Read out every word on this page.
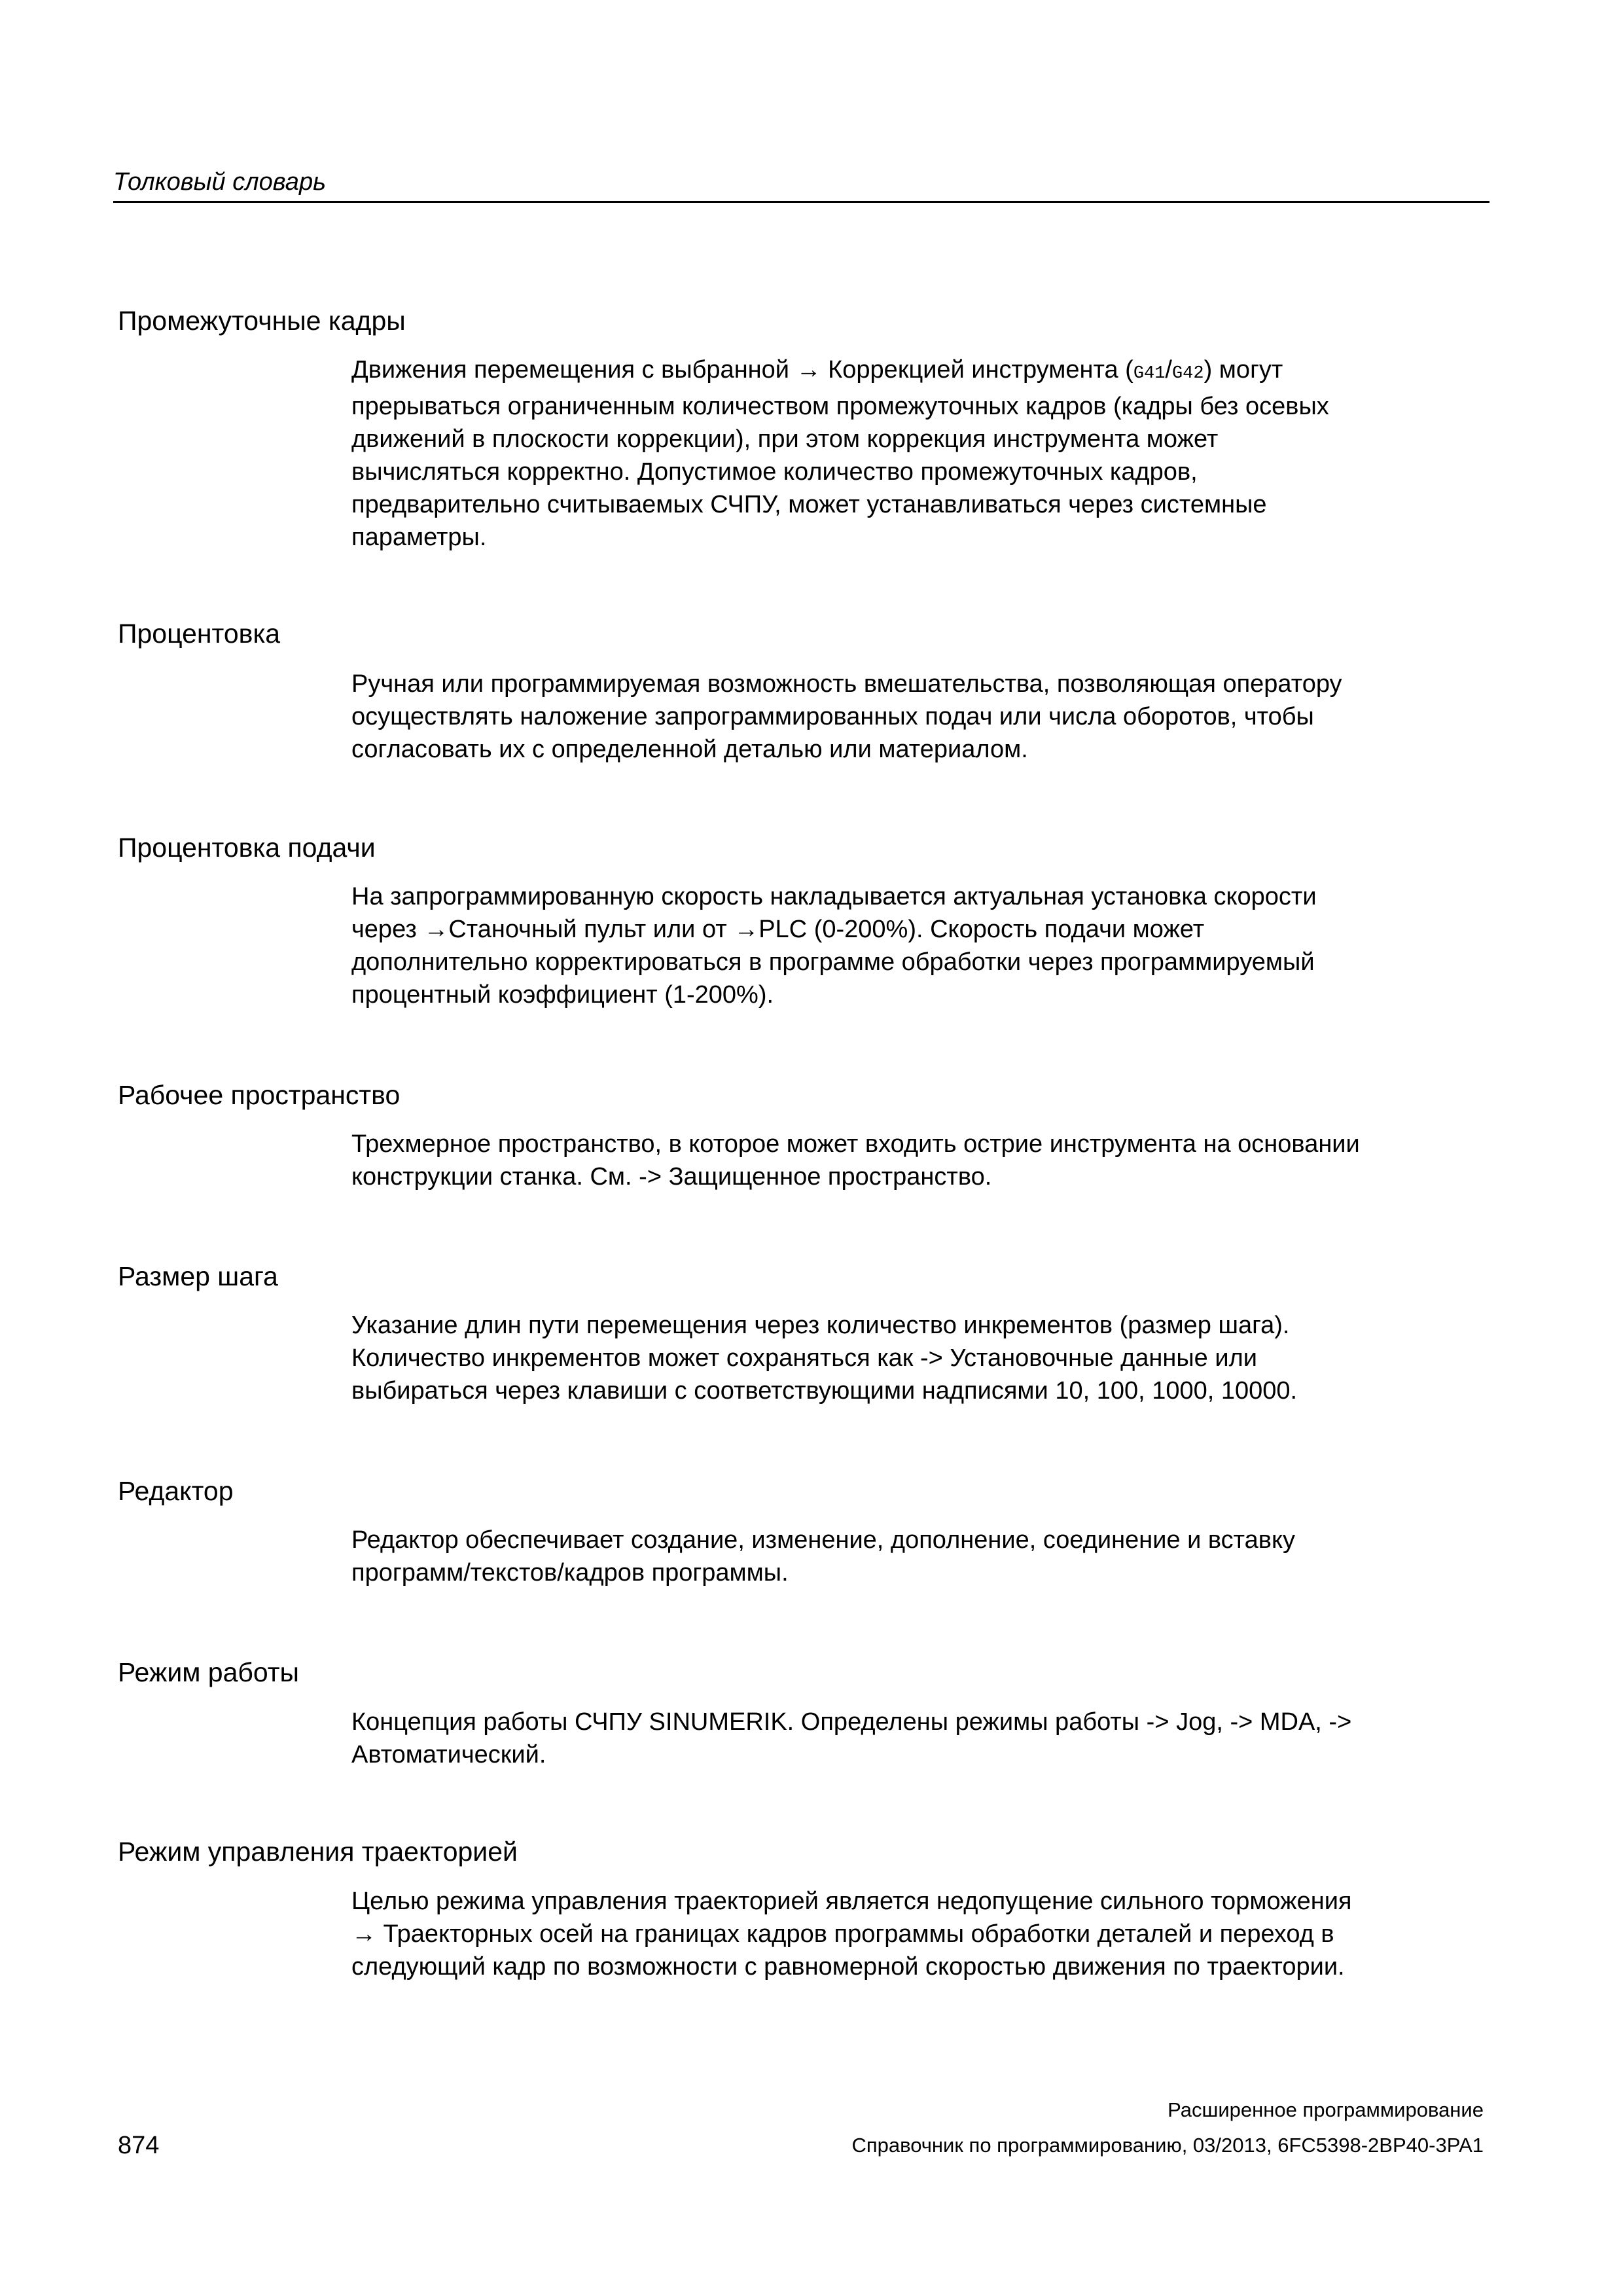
Толковый словарь
Промежуточные кадры
Движения перемещения с выбранной → Коррекцией инструмента (G41/G42) могут
прерываться ограниченным количеством промежуточных кадров (кадры без осевых
движений в плоскости коррекции), при этом коррекция инструмента может
вычисляться корректно. Допустимое количество промежуточных кадров,
предварительно считываемых СЧПУ, может устанавливаться через системные
параметры.
Процентовка
Ручная или программируемая возможность вмешательства, позволяющая оператору
осуществлять наложение запрограммированных подач или числа оборотов, чтобы
согласовать их с определенной деталью или материалом.
Процентовка подачи
На запрограммированную скорость накладывается актуальная установка скорости
через →Станочный пульт или от →PLC (0-200%). Скорость подачи может
дополнительно корректироваться в программе обработки через программируемый
процентный коэффициент (1-200%).
Рабочее пространство
Трехмерное пространство, в которое может входить острие инструмента на основании
конструкции станка. См. -> Защищенное пространство.
Размер шага
Указание длин пути перемещения через количество инкрементов (размер шага).
Количество инкрементов может сохраняться как -> Установочные данные или
выбираться через клавиши с соответствующими надписями 10, 100, 1000, 10000.
Редактор
Редактор обеспечивает создание, изменение, дополнение, соединение и вставку
программ/текстов/кадров программы.
Режим работы
Концепция работы СЧПУ SINUMERIK. Определены режимы работы -> Jog, -> MDA, ->
Автоматический.
Режим управления траекторией
Целью режима управления траекторией является недопущение сильного торможения
→ Траекторных осей на границах кадров программы обработки деталей и переход в
следующий кадр по возможности с равномерной скоростью движения по траектории.
Расширенное программирование
874	Справочник по программированию, 03/2013, 6FC5398-2BP40-3PA1
